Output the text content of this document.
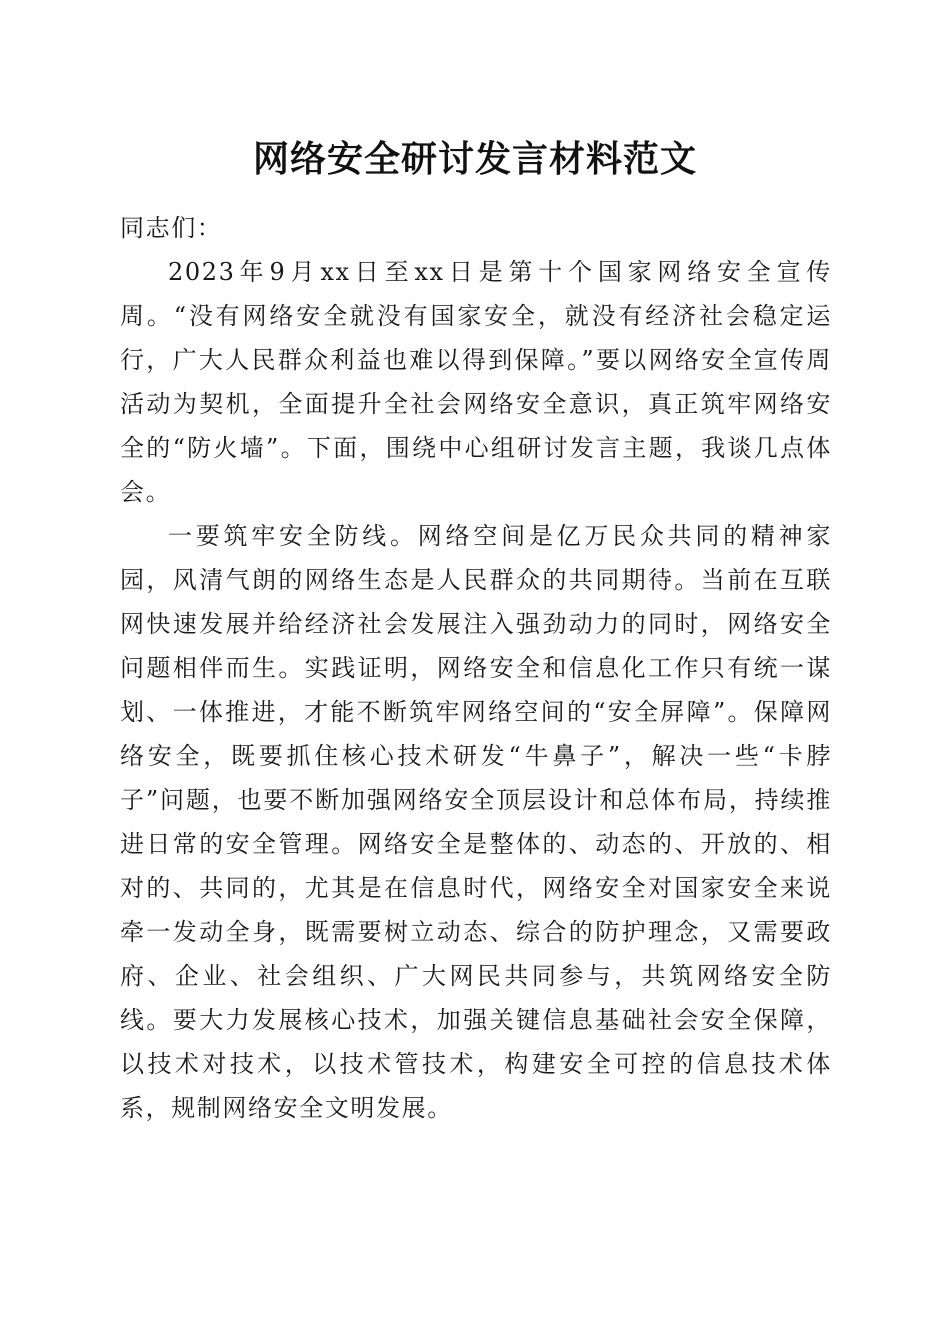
网络安全研讨发言材料范文

同志们：

2023年9月xx日至xx日是第十个国家网络安全宣传周。“没有网络安全就没有国家安全，就没有经济社会稳定运行，广大人民群众利益也难以得到保障。”要以网络安全宣传周活动为契机，全面提升全社会网络安全意识，真正筑牢网络安全的“防火墙”。下面，围绕中心组研讨发言主题，我谈几点体会。

一要筑牢安全防线。网络空间是亿万民众共同的精神家园，风清气朗的网络生态是人民群众的共同期待。当前在互联网快速发展并给经济社会发展注入强劲动力的同时，网络安全问题相伴而生。实践证明，网络安全和信息化工作只有统一谋划、一体推进，才能不断筑牢网络空间的“安全屏障”。保障网络安全，既要抓住核心技术研发“牛鼻子”，解决一些“卡脖子”问题，也要不断加强网络安全顶层设计和总体布局，持续推进日常的安全管理。网络安全是整体的、动态的、开放的、相对的、共同的，尤其是在信息时代，网络安全对国家安全来说牵一发动全身，既需要树立动态、综合的防护理念，又需要政府、企业、社会组织、广大网民共同参与，共筑网络安全防线。要大力发展核心技术，加强关键信息基础社会安全保障，以技术对技术，以技术管技术，构建安全可控的信息技术体系，规制网络安全文明发展。
